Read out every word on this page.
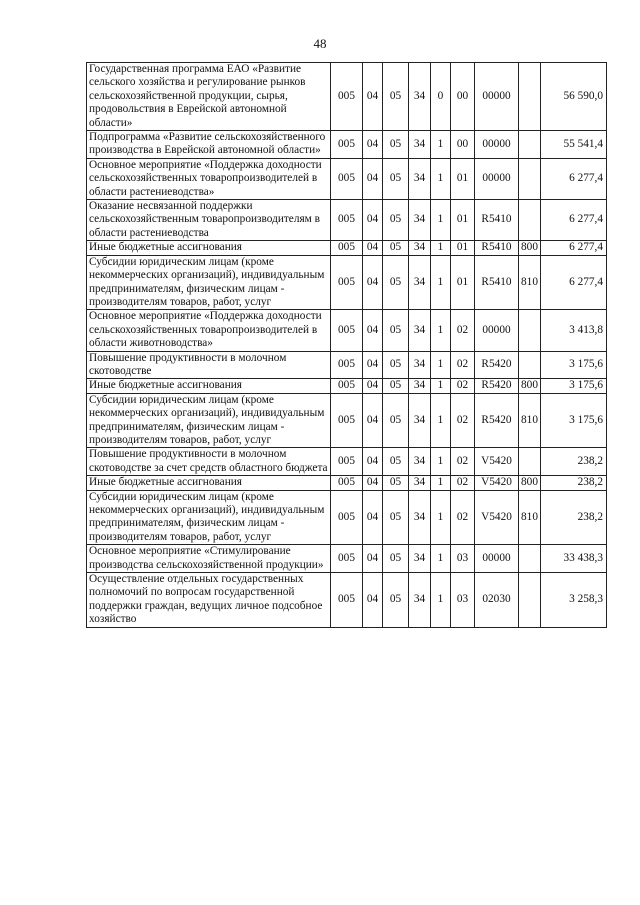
48
Государственная программа ЕАО «Развитие сельского хозяйства и регулирование рынков сельскохозяйственной продукции, сырья, продовольствия в Еврейской автономной области»	005	04	05	34	0	00	00000		56 590,0
Подпрограмма «Развитие сельскохозяйственного производства в Еврейской автономной области»	005	04	05	34	1	00	00000		55 541,4
Основное мероприятие «Поддержка доходности сельскохозяйственных товаропроизводителей в области растениеводства»	005	04	05	34	1	01	00000		6 277,4
Оказание несвязанной поддержки сельскохозяйственным товаропроизводителям в области растениеводства	005	04	05	34	1	01	R5410		6 277,4
Иные бюджетные ассигнования	005	04	05	34	1	01	R5410	800	6 277,4
Субсидии юридическим лицам (кроме некоммерческих организаций), индивидуальным предпринимателям, физическим лицам - производителям товаров, работ, услуг	005	04	05	34	1	01	R5410	810	6 277,4
Основное мероприятие «Поддержка доходности сельскохозяйственных товаропроизводителей в области животноводства»	005	04	05	34	1	02	00000		3 413,8
Повышение продуктивности в молочном скотоводстве	005	04	05	34	1	02	R5420		3 175,6
Иные бюджетные ассигнования	005	04	05	34	1	02	R5420	800	3 175,6
Субсидии юридическим лицам (кроме некоммерческих организаций), индивидуальным предпринимателям, физическим лицам - производителям товаров, работ, услуг	005	04	05	34	1	02	R5420	810	3 175,6
Повышение продуктивности в молочном скотоводстве за счет средств областного бюджета	005	04	05	34	1	02	V5420		238,2
Иные бюджетные ассигнования	005	04	05	34	1	02	V5420	800	238,2
Субсидии юридическим лицам (кроме некоммерческих организаций), индивидуальным предпринимателям, физическим лицам - производителям товаров, работ, услуг	005	04	05	34	1	02	V5420	810	238,2
Основное мероприятие «Стимулирование производства сельскохозяйственной продукции»	005	04	05	34	1	03	00000		33 438,3
Осуществление отдельных государственных полномочий по вопросам государственной поддержки граждан, ведущих личное подсобное хозяйство	005	04	05	34	1	03	02030		3 258,3
